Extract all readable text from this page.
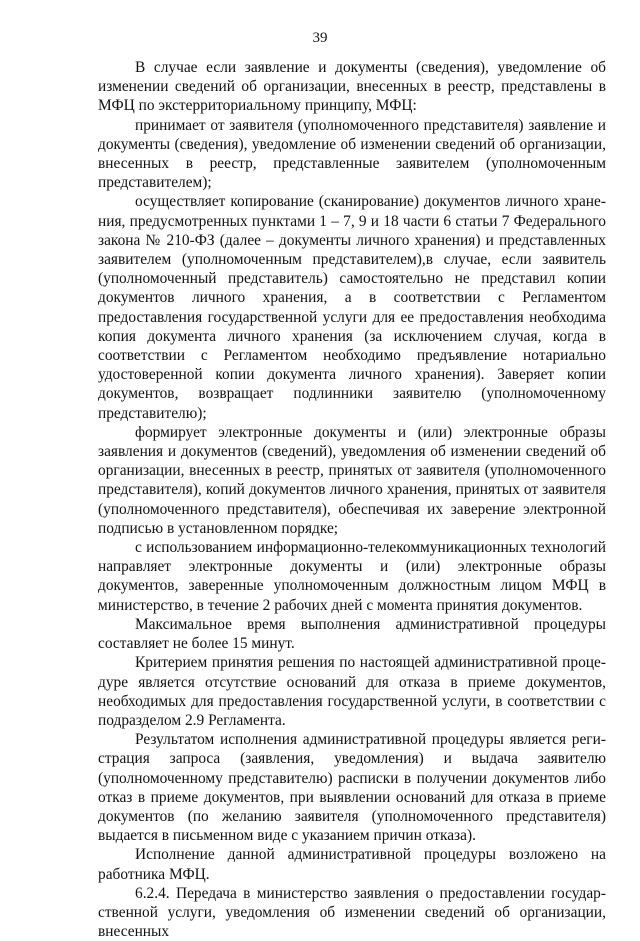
39

В случае если заявление и документы (сведения), уведомление об изменении сведений об организации, внесенных в реестр, представлены в МФЦ по экстерриториальному принципу, МФЦ:

принимает от заявителя (уполномоченного представителя) заявление и документы (сведения), уведомление об изменении сведений об организации, внесенных в реестр, представленные заявителем (уполномоченным представителем);

осуществляет копирование (сканирование) документов личного хранения, предусмотренных пунктами 1 – 7, 9 и 18 части 6 статьи 7 Федерального закона № 210-ФЗ (далее – документы личного хранения) и представленных заявителем (уполномоченным представителем),в случае, если заявитель (уполномоченный представитель) самостоятельно не представил копии документов личного хранения, а в соответствии с Регламентом предоставления государственной услуги для ее предоставления необходима копия документа личного хранения (за исключением случая, когда в соответствии с Регламентом необходимо предъявление нотариально удостоверенной копии документа личного хранения). Заверяет копии документов, возвращает подлинники заявителю (уполномоченному представителю);

формирует электронные документы и (или) электронные образы заявления и документов (сведений), уведомления об изменении сведений об организации, внесенных в реестр, принятых от заявителя (уполномоченного представителя), копий документов личного хранения, принятых от заявителя (уполномоченного представителя), обеспечивая их заверение электронной подписью в установленном порядке;

с использованием информационно-телекоммуникационных технологий направляет электронные документы и (или) электронные образы документов, заверенные уполномоченным должностным лицом МФЦ в министерство, в течение 2 рабочих дней с момента принятия документов.

Максимальное время выполнения административной процедуры составляет не более 15 минут.

Критерием принятия решения по настоящей административной процедуре является отсутствие оснований для отказа в приеме документов, необходимых для предоставления государственной услуги, в соответствии с подразделом 2.9 Регламента.

Результатом исполнения административной процедуры является регистрация запроса (заявления, уведомления) и выдача заявителю (уполномоченному представителю) расписки в получении документов либо отказ в приеме документов, при выявлении оснований для отказа в приеме документов (по желанию заявителя (уполномоченного представителя) выдается в письменном виде с указанием причин отказа).

Исполнение данной административной процедуры возложено на работника МФЦ.

6.2.4. Передача в министерство заявления о предоставлении государственной услуги, уведомления об изменении сведений об организации, внесенных
